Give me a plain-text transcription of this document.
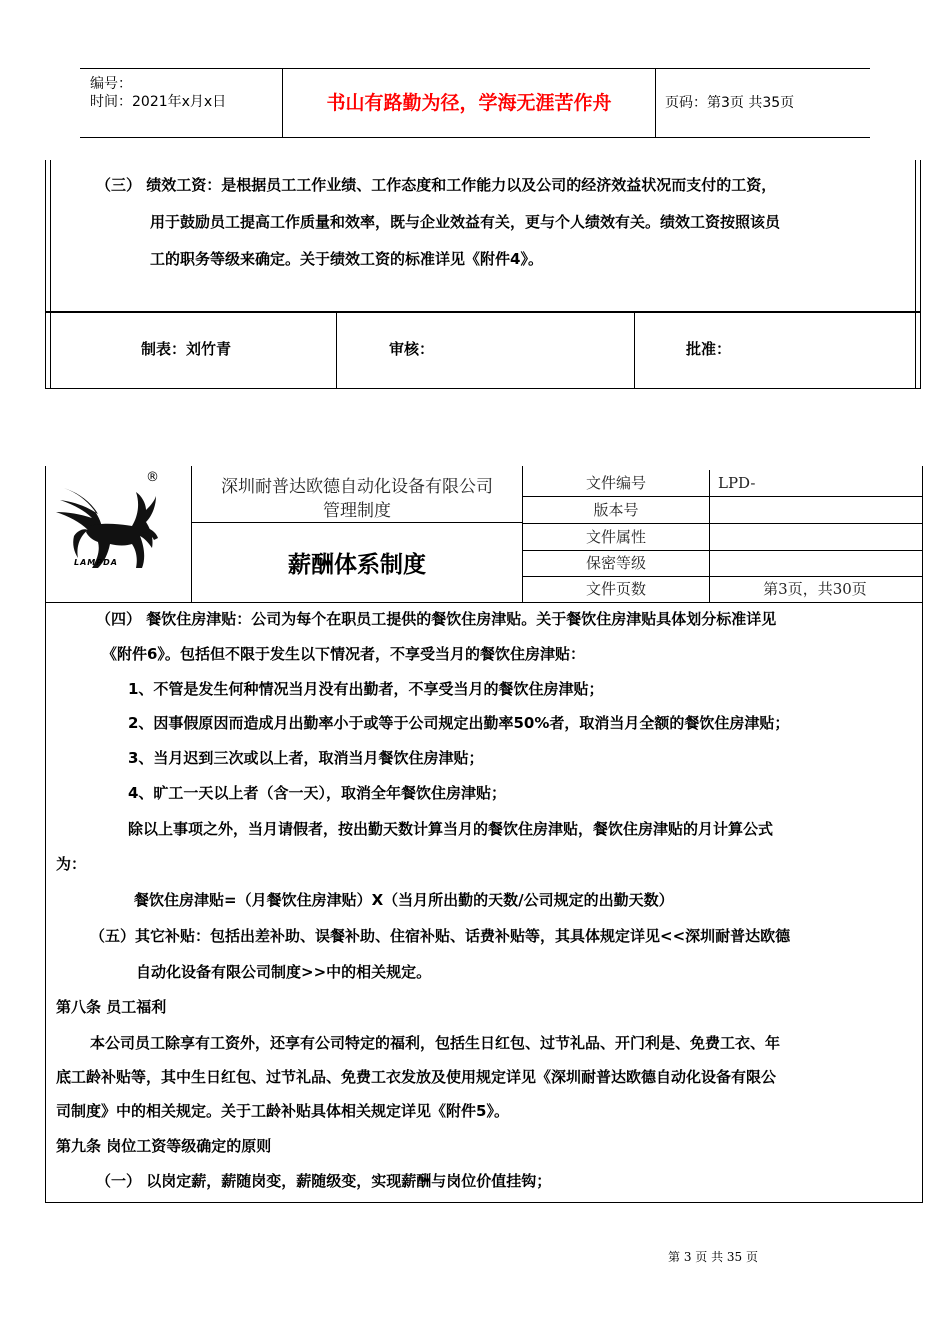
编号：
时间：2021年x月x日	书山有路勤为径，学海无涯苦作舟	页码：第3页 共35页
（三） 绩效工资：是根据员工工作业绩、工作态度和工作能力以及公司的经济效益状况而支付的工资，
用于鼓励员工提高工作质量和效率，既与企业效益有关，更与个人绩效有关。绩效工资按照该员
工的职务等级来确定。关于绩效工资的标准详见《附件4》。
制表：刘竹青	审核：	批准：
LAMPDA
®	深圳耐普达欧德自动化设备有限公司
管理制度
薪酬体系制度
文件编号	LPD-
版本号
文件属性
保密等级
文件页数	第3页，共30页
（四） 餐饮住房津贴：公司为每个在职员工提供的餐饮住房津贴。关于餐饮住房津贴具体划分标准详见
《附件6》。包括但不限于发生以下情况者，不享受当月的餐饮住房津贴：
1、不管是发生何种情况当月没有出勤者，不享受当月的餐饮住房津贴；
2、因事假原因而造成月出勤率小于或等于公司规定出勤率50%者，取消当月全额的餐饮住房津贴；
3、当月迟到三次或以上者，取消当月餐饮住房津贴；
4、旷工一天以上者（含一天），取消全年餐饮住房津贴；
除以上事项之外，当月请假者，按出勤天数计算当月的餐饮住房津贴，餐饮住房津贴的月计算公式
为：
餐饮住房津贴=（月餐饮住房津贴）X（当月所出勤的天数/公司规定的出勤天数）
（五）其它补贴：包括出差补助、误餐补助、住宿补贴、话费补贴等，其具体规定详见<<深圳耐普达欧德
自动化设备有限公司制度>>中的相关规定。
第八条 员工福利
本公司员工除享有工资外，还享有公司特定的福利，包括生日红包、过节礼品、开门利是、免费工衣、年
底工龄补贴等，其中生日红包、过节礼品、免费工衣发放及使用规定详见《深圳耐普达欧德自动化设备有限公
司制度》中的相关规定。关于工龄补贴具体相关规定详见《附件5》。
第九条 岗位工资等级确定的原则
（一） 以岗定薪，薪随岗变，薪随级变，实现薪酬与岗位价值挂钩；
第 3 页 共 35 页
